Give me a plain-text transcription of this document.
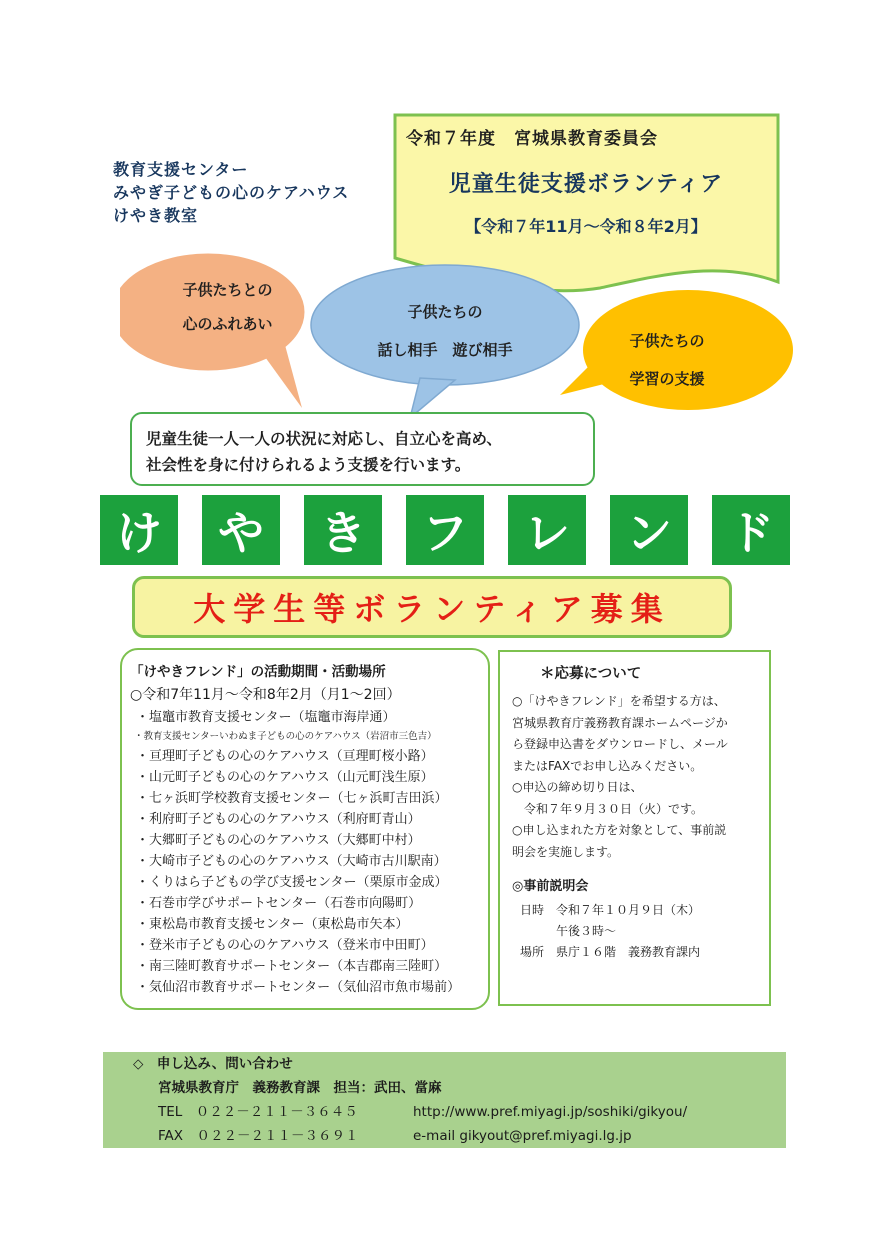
教育支援センター
みやぎ子どもの心のケアハウス
けやき教室
令和７年度　宮城県教育委員会
児童生徒支援ボランティア
【令和７年11月～令和８年2月】
子供たちとの
心のふれあい
子供たちの
話し相手　遊び相手	子供たちの
学習の支援
児童生徒一人一人の状況に対応し、自立心を高め、
社会性を身に付けられるよう支援を行います。
け	や	き	フ	レ	ン	ド
大学生等ボランティア募集
「けやきフレンド」の活動期間・活動場所
○令和7年11月～令和8年2月（月1～2回）
・塩竈市教育支援センター（塩竈市海岸通）
・教育支援センターいわぬま子どもの心のケアハウス（岩沼市三色吉）
・亘理町子どもの心のケアハウス（亘理町桜小路）
・山元町子どもの心のケアハウス（山元町浅生原）
・七ヶ浜町学校教育支援センター（七ヶ浜町吉田浜）
・利府町子どもの心のケアハウス（利府町青山）
・大郷町子どもの心のケアハウス（大郷町中村）
・大崎市子どもの心のケアハウス（大崎市古川駅南）
・くりはら子どもの学び支援センター（栗原市金成）
・石巻市学びサポートセンター（石巻市向陽町）
・東松島市教育支援センター（東松島市矢本）
・登米市子どもの心のケアハウス（登米市中田町）
・南三陸町教育サポートセンター（本吉郡南三陸町）
・気仙沼市教育サポートセンター（気仙沼市魚市場前）
＊応募について
○「けやきフレンド」を希望する方は、
宮城県教育庁義務教育課ホームページか
ら登録申込書をダウンロードし、メール
またはFAXでお申し込みください。
○申込の締め切り日は、
　令和７年９月３０日（火）です。
○申し込まれた方を対象として、事前説
明会を実施します。
◎事前説明会
日時　令和７年１０月９日（木）
　　　午後３時～
場所　県庁１６階　義務教育課内
◇　申し込み、問い合わせ
宮城県教育庁　義務教育課　担当：武田、當麻
TEL　０２２－２１１－３６４５	http://www.pref.miyagi.jp/soshiki/gikyou/
FAX　０２２－２１１－３６９１	e-mail gikyout@pref.miyagi.lg.jp
